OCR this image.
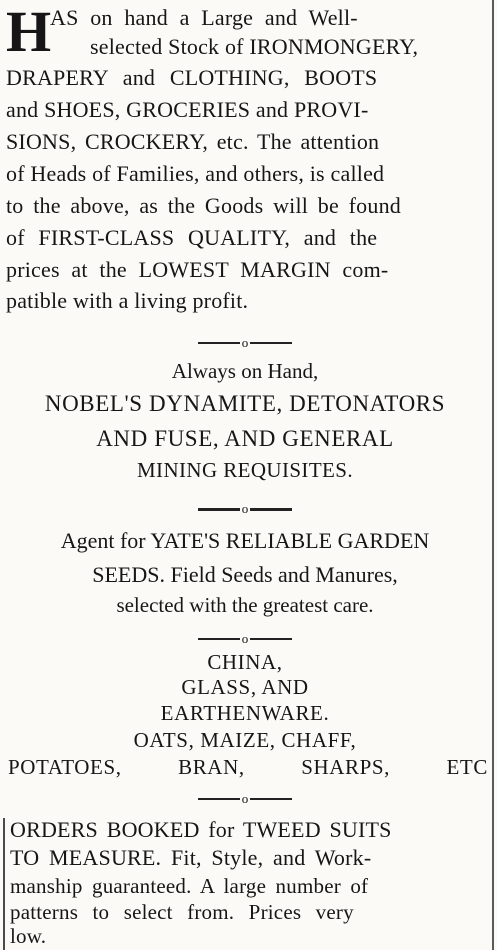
H
AS on hand a Large and Well-
selected Stock of IRONMONGERY,
DRAPERY and CLOTHING, BOOTS
and SHOES, GROCERIES and PROVI-
SIONS, CROCKERY, etc. The attention
of Heads of Families, and others, is called
to the above, as the Goods will be found
of FIRST-CLASS QUALITY, and the
prices at the LOWEST MARGIN com-
patible with a living profit.
o
Always on Hand,
NOBEL'S DYNAMITE, DETONATORS
AND FUSE, AND GENERAL
MINING REQUISITES.
o
Agent for YATE'S RELIABLE GARDEN
SEEDS. Field Seeds and Manures,
selected with the greatest care.
o
CHINA,
GLASS, AND
EARTHENWARE.
OATS, MAIZE, CHAFF,
POTATOES,	BRAN,	SHARPS,	ETC
o
ORDERS BOOKED for TWEED SUITS
TO MEASURE. Fit, Style, and Work-
manship guaranteed. A large number of
patterns to select from. Prices very
low.
